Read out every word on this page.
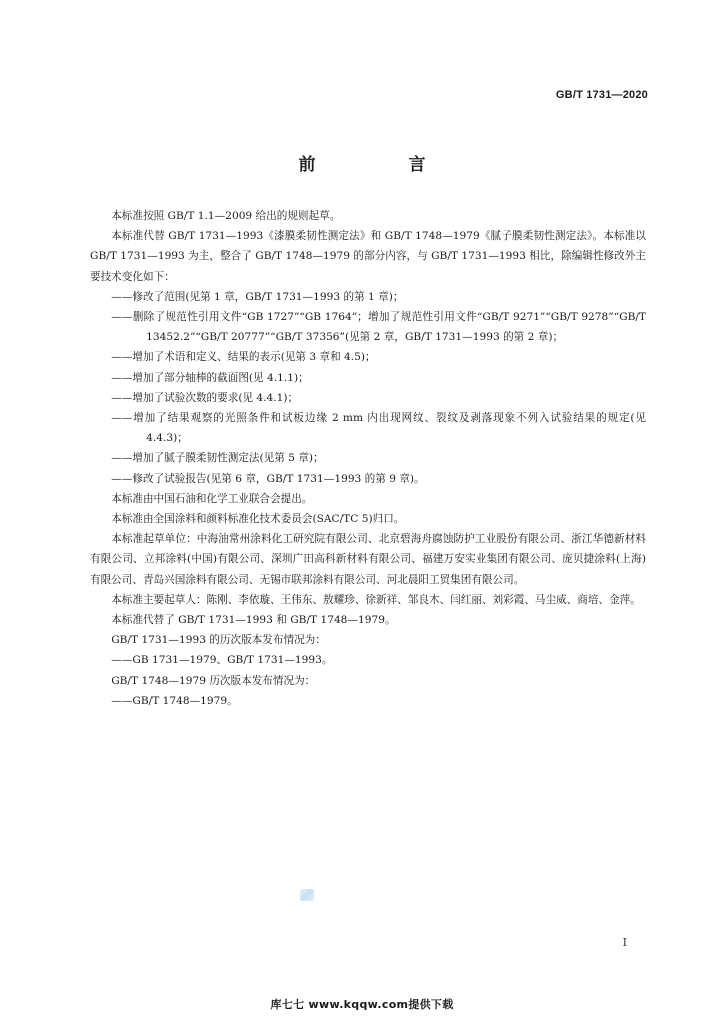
GB/T 1731—2020
前　言

本标准按照 GB/T 1.1—2009 给出的规则起草。

本标准代替 GB/T 1731—1993《漆膜柔韧性测定法》和 GB/T 1748—1979《腻子膜柔韧性测定法》。本标准以 GB/T 1731—1993 为主，整合了 GB/T 1748—1979 的部分内容，与 GB/T 1731—1993 相比，除编辑性修改外主要技术变化如下：

——修改了范围(见第 1 章，GB/T 1731—1993 的第 1 章)；

——删除了规范性引用文件“GB 1727”“GB 1764”；增加了规范性引用文件“GB/T 9271”“GB/T 9278”“GB/T 13452.2”“GB/T 20777”“GB/T 37356”(见第 2 章，GB/T 1731—1993 的第 2 章)；

——增加了术语和定义、结果的表示(见第 3 章和 4.5)；

——增加了部分轴棒的截面图(见 4.1.1)；

——增加了试验次数的要求(见 4.4.1)；

——增加了结果观察的光照条件和试板边缘 2 mm 内出现网纹、裂纹及剥落现象不列入试验结果的规定(见 4.4.3)；

——增加了腻子膜柔韧性测定法(见第 5 章)；

——修改了试验报告(见第 6 章，GB/T 1731—1993 的第 9 章)。

本标准由中国石油和化学工业联合会提出。

本标准由全国涂料和颜料标准化技术委员会(SAC/TC 5)归口。

本标准起草单位：中海油常州涂料化工研究院有限公司、北京碧海舟腐蚀防护工业股份有限公司、浙江华德新材料有限公司、立邦涂料(中国)有限公司、深圳广田高科新材料有限公司、福建万安实业集团有限公司、庞贝捷涂料(上海)有限公司、青岛兴国涂料有限公司、无锡市联邦涂料有限公司、河北晨阳工贸集团有限公司。

本标准主要起草人：陈刚、李依璇、王伟东、敖耀珍、徐新祥、邹良木、闫红丽、刘彩霞、马尘威、商培、金萍。

本标准代替了 GB/T 1731—1993 和 GB/T 1748—1979。

GB/T 1731—1993 的历次版本发布情况为：

——GB 1731—1979、GB/T 1731—1993。

GB/T 1748—1979 历次版本发布情况为：

——GB/T 1748—1979。

I
库七七 www.kqqw.com提供下载
